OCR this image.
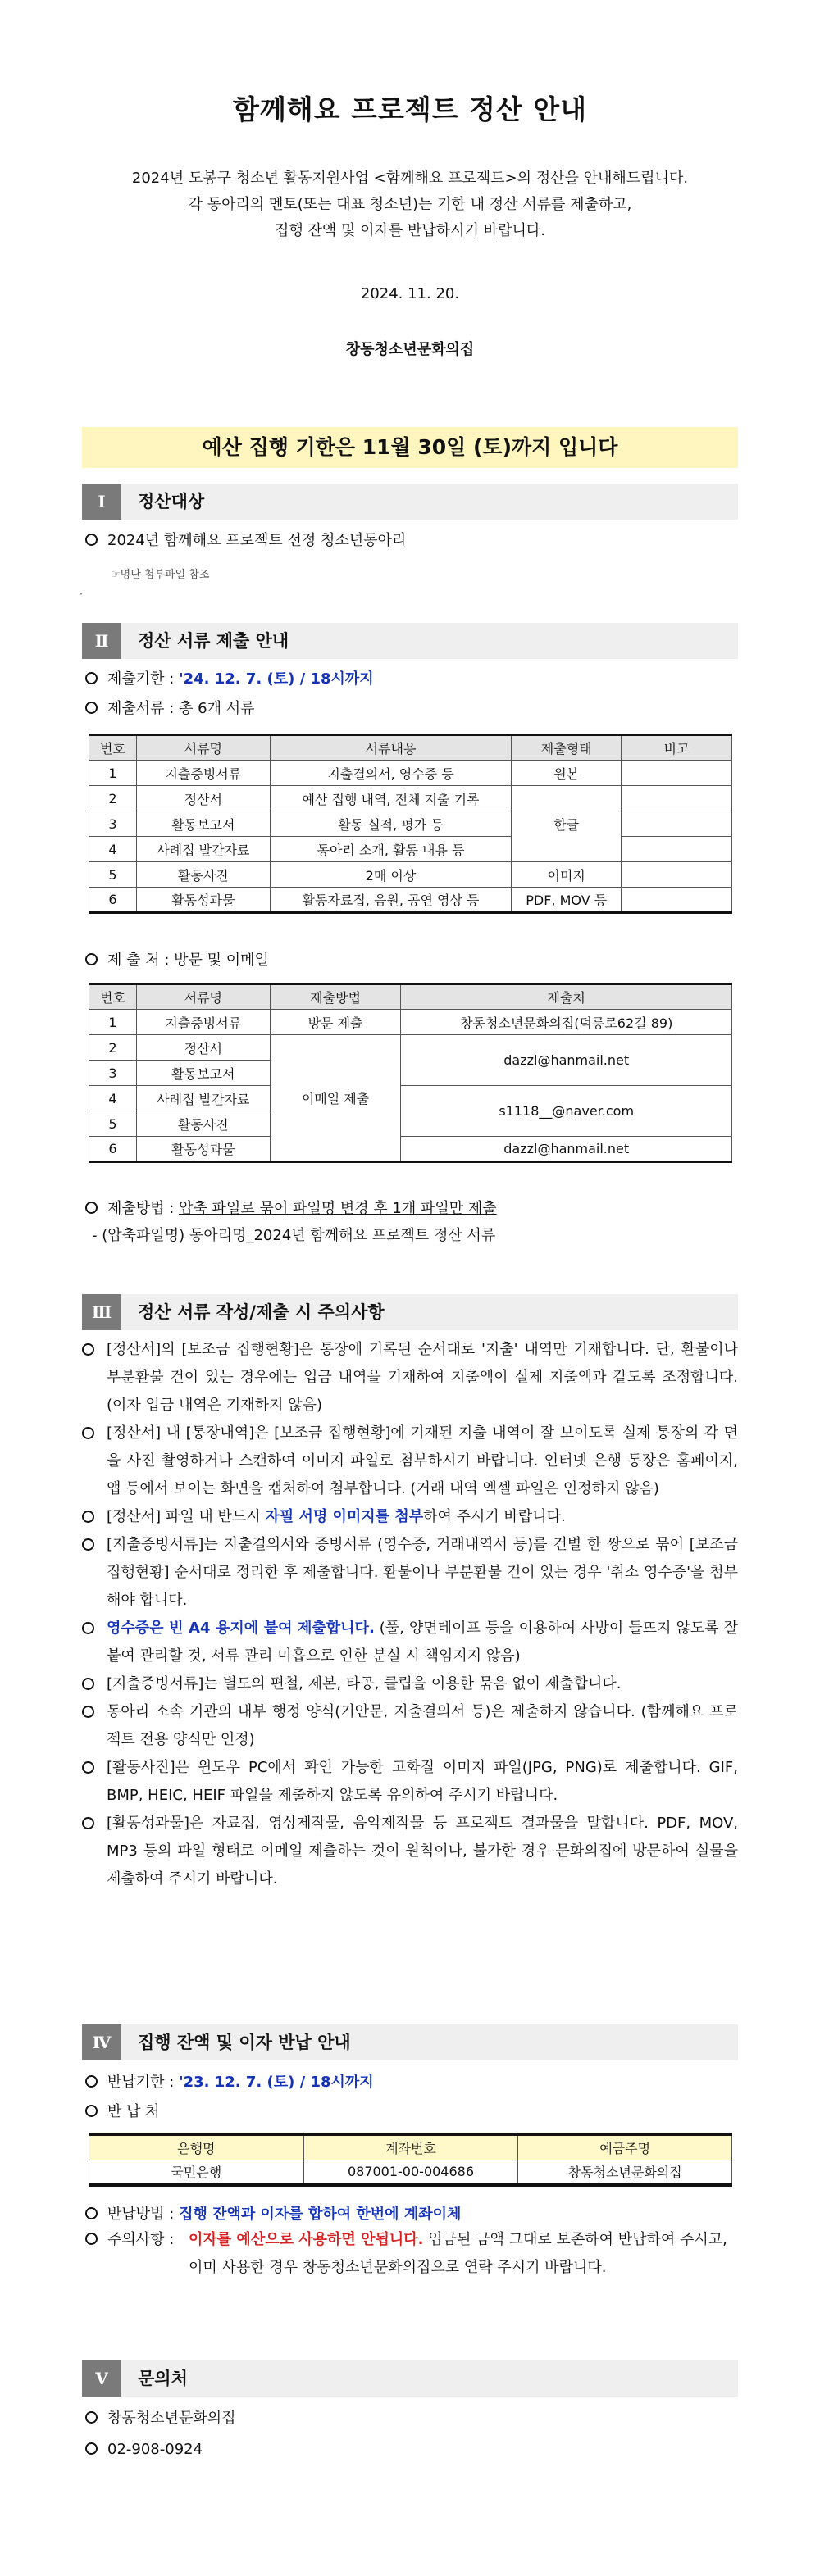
함께해요 프로젝트 정산 안내
2024년 도봉구 청소년 활동지원사업 <함께해요 프로젝트>의 정산을 안내해드립니다.
각 동아리의 멘토(또는 대표 청소년)는 기한 내 정산 서류를 제출하고,
집행 잔액 및 이자를 반납하시기 바랍니다.
2024. 11. 20.
창동청소년문화의집
예산 집행 기한은 11월 30일 (토)까지 입니다
Ⅰ	정산대상
2024년 함께해요 프로젝트 선정 청소년동아리
☞명단 첨부파일 참조
·
Ⅱ	정산 서류 제출 안내
제출기한 : '24. 12. 7. (토) / 18시까지
제출서류 : 총 6개 서류
번호	서류명	서류내용	제출형태	비고
1	지출증빙서류	지출결의서, 영수증 등	원본	
2	정산서	예산 집행 내역, 전체 지출 기록	한글	
3	활동보고서	활동 실적, 평가 등		
4	사례집 발간자료	동아리 소개, 활동 내용 등		
5	활동사진	2매 이상	이미지	
6	활동성과물	활동자료집, 음원, 공연 영상 등	PDF, MOV 등	
제 출 처 : 방문 및 이메일
번호	서류명	제출방법	제출처
1	지출증빙서류	방문 제출	창동청소년문화의집(덕릉로62길 89)
2	정산서	이메일 제출	dazzl@hanmail.net
3	활동보고서		
4	사례집 발간자료		s1118__@naver.com
5	활동사진		
6	활동성과물		dazzl@hanmail.net
제출방법 : 압축 파일로 묶어 파일명 변경 후 1개 파일만 제출
- (압축파일명) 동아리명_2024년 함께해요 프로젝트 정산 서류
Ⅲ	정산 서류 작성/제출 시 주의사항
[정산서]의 [보조금 집행현황]은 통장에 기록된 순서대로 '지출' 내역만 기재합니다. 단, 환불이나 부분환불 건이 있는 경우에는 입금 내역을 기재하여 지출액이 실제 지출액과 같도록 조정합니다. (이자 입금 내역은 기재하지 않음)
[정산서] 내 [통장내역]은 [보조금 집행현황]에 기재된 지출 내역이 잘 보이도록 실제 통장의 각 면을 사진 촬영하거나 스캔하여 이미지 파일로 첨부하시기 바랍니다. 인터넷 은행 통장은 홈페이지, 앱 등에서 보이는 화면을 캡처하여 첨부합니다. (거래 내역 엑셀 파일은 인정하지 않음)
[정산서] 파일 내 반드시 자필 서명 이미지를 첨부하여 주시기 바랍니다.
[지출증빙서류]는 지출결의서와 증빙서류 (영수증, 거래내역서 등)를 건별 한 쌍으로 묶어 [보조금 집행현황] 순서대로 정리한 후 제출합니다. 환불이나 부분환불 건이 있는 경우 '취소 영수증'을 첨부해야 합니다.
영수증은 빈 A4 용지에 붙여 제출합니다. (풀, 양면테이프 등을 이용하여 사방이 들뜨지 않도록 잘 붙여 관리할 것, 서류 관리 미흡으로 인한 분실 시 책임지지 않음)
[지출증빙서류]는 별도의 편철, 제본, 타공, 클립을 이용한 묶음 없이 제출합니다.
동아리 소속 기관의 내부 행정 양식(기안문, 지출결의서 등)은 제출하지 않습니다. (함께해요 프로젝트 전용 양식만 인정)
[활동사진]은 윈도우 PC에서 확인 가능한 고화질 이미지 파일(JPG, PNG)로 제출합니다. GIF, BMP, HEIC, HEIF 파일을 제출하지 않도록 유의하여 주시기 바랍니다.
[활동성과물]은 자료집, 영상제작물, 음악제작물 등 프로젝트 결과물을 말합니다. PDF, MOV, MP3 등의 파일 형태로 이메일 제출하는 것이 원칙이나, 불가한 경우 문화의집에 방문하여 실물을 제출하여 주시기 바랍니다.
Ⅳ	집행 잔액 및 이자 반납 안내
반납기한 : '23. 12. 7. (토) / 18시까지
반 납 처
은행명	계좌번호	예금주명
국민은행	087001-00-004686	창동청소년문화의집
반납방법 : 집행 잔액과 이자를 합하여 한번에 계좌이체
주의사항 : 이자를 예산으로 사용하면 안됩니다. 입금된 금액 그대로 보존하여 반납하여 주시고, 이미 사용한 경우 창동청소년문화의집으로 연락 주시기 바랍니다.
Ⅴ	문의처
창동청소년문화의집
02-908-0924
